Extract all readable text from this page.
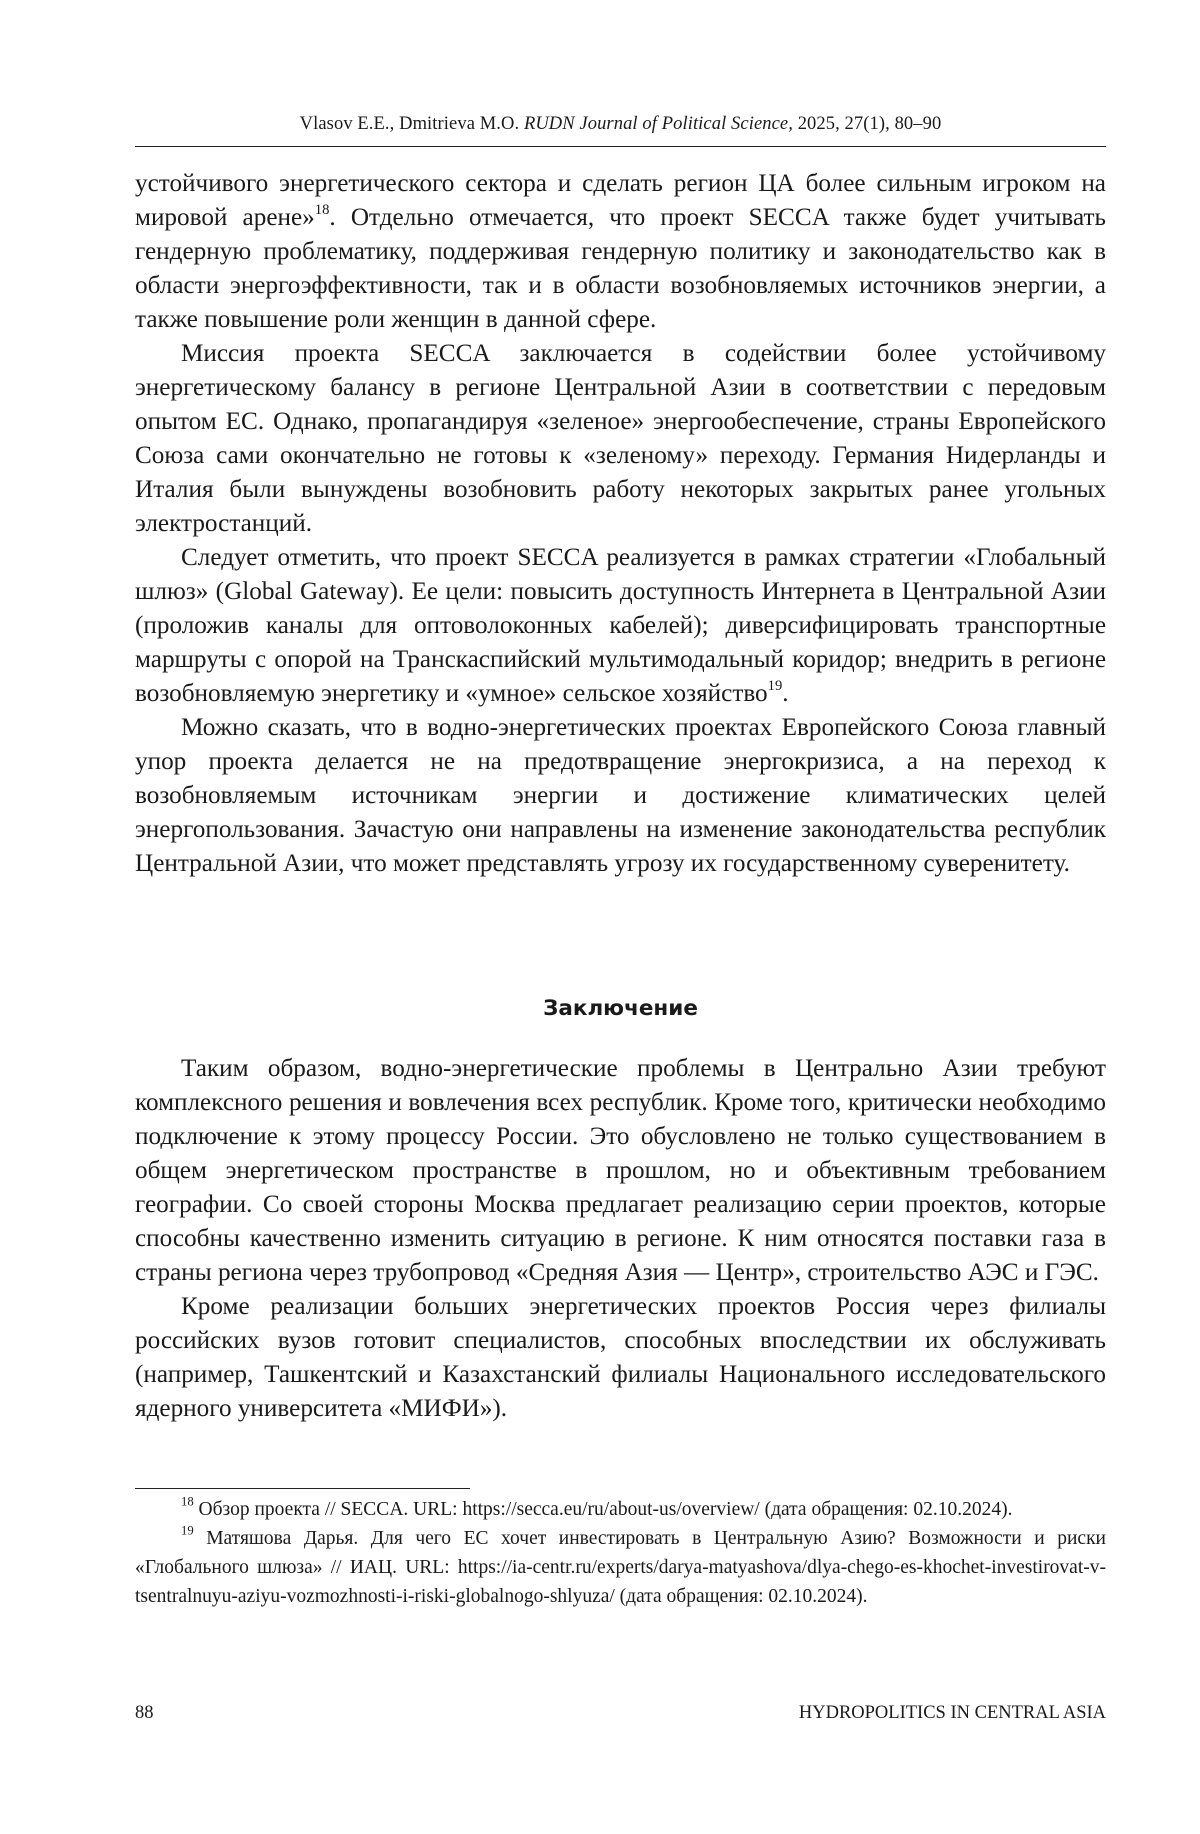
Vlasov E.E., Dmitrieva M.O. RUDN Journal of Political Science, 2025, 27(1), 80–90

устойчивого энергетического сектора и сделать регион ЦА более сильным игроком на мировой арене»18. Отдельно отмечается, что проект SECCA также будет учитывать гендерную проблематику, поддерживая гендерную политику и законодательство как в области энергоэффективности, так и в области возобновляемых источников энергии, а также повышение роли женщин в данной сфере.

Миссия проекта SECCA заключается в содействии более устойчивому энергетическому балансу в регионе Центральной Азии в соответствии с передовым опытом ЕС. Однако, пропагандируя «зеленое» энергообеспечение, страны Европейского Союза сами окончательно не готовы к «зеленому» переходу. Германия Нидерланды и Италия были вынуждены возобновить работу некоторых закрытых ранее угольных электростанций.

Следует отметить, что проект SECCA реализуется в рамках стратегии «Глобальный шлюз» (Global Gateway). Ее цели: повысить доступность Интернета в Центральной Азии (проложив каналы для оптоволоконных кабелей); диверсифицировать транспортные маршруты с опорой на Транскаспийский мультимодальный коридор; внедрить в регионе возобновляемую энергетику и «умное» сельское хозяйство19.

Можно сказать, что в водно-энергетических проектах Европейского Союза главный упор проекта делается не на предотвращение энергокризиса, а на переход к возобновляемым источникам энергии и достижение климатических целей энергопользования. Зачастую они направлены на изменение законодательства республик Центральной Азии, что может представлять угрозу их государственному суверенитету.

Заключение

Таким образом, водно-энергетические проблемы в Центрально Азии требуют комплексного решения и вовлечения всех республик. Кроме того, критически необходимо подключение к этому процессу России. Это обусловлено не только существованием в общем энергетическом пространстве в прошлом, но и объективным требованием географии. Со своей стороны Москва предлагает реализацию серии проектов, которые способны качественно изменить ситуацию в регионе. К ним относятся поставки газа в страны региона через трубопровод «Средняя Азия — Центр», строительство АЭС и ГЭС.

Кроме реализации больших энергетических проектов Россия через филиалы российских вузов готовит специалистов, способных впоследствии их обслуживать (например, Ташкентский и Казахстанский филиалы Национального исследовательского ядерного университета «МИФИ»).

18 Обзор проекта // SECCA. URL: https://secca.eu/ru/about-us/overview/ (дата обращения: 02.10.2024).

19 Матяшова Дарья. Для чего ЕС хочет инвестировать в Центральную Азию? Возможности и риски «Глобального шлюза» // ИАЦ. URL: https://ia-centr.ru/experts/darya-matyashova/dlya-chego-es-khochet-investirovat-v-tsentralnuyu-aziyu-vozmozhnosti-i-riski-globalnogo-shlyuza/ (дата обращения: 02.10.2024).

88	HYDROPOLITICS IN CENTRAL ASIA
